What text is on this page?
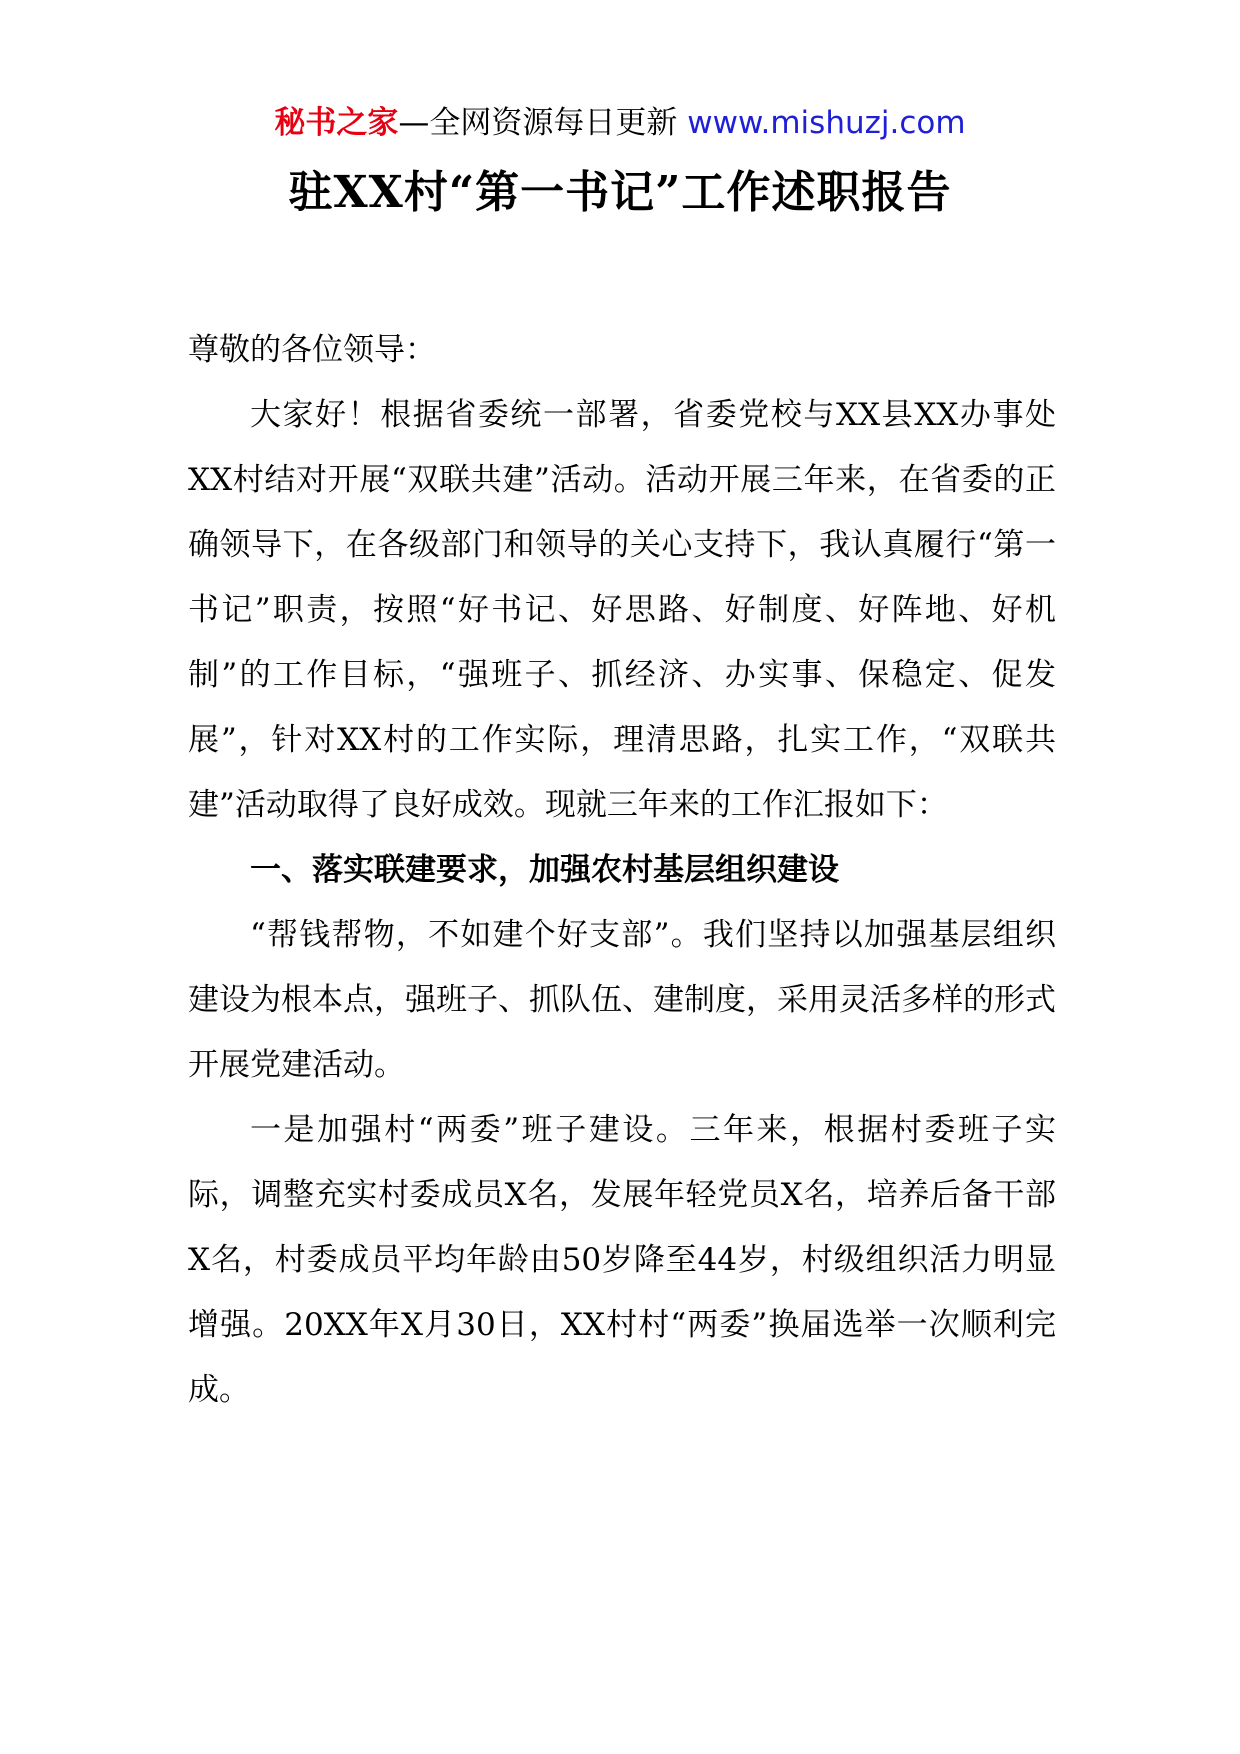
秘书之家—全网资源每日更新 www.mishuzj.com
驻XX村“第一书记”工作述职报告

尊敬的各位领导：

大家好！根据省委统一部署，省委党校与XX县XX办事处XX村结对开展“双联共建”活动。活动开展三年来，在省委的正确领导下，在各级部门和领导的关心支持下，我认真履行“第一书记”职责，按照“好书记、好思路、好制度、好阵地、好机制”的工作目标，“强班子、抓经济、办实事、保稳定、促发展”，针对XX村的工作实际，理清思路，扎实工作，“双联共建”活动取得了良好成效。现就三年来的工作汇报如下：

一、落实联建要求，加强农村基层组织建设

“帮钱帮物，不如建个好支部”。我们坚持以加强基层组织建设为根本点，强班子、抓队伍、建制度，采用灵活多样的形式开展党建活动。

一是加强村“两委”班子建设。三年来，根据村委班子实际，调整充实村委成员X名，发展年轻党员X名，培养后备干部X名，村委成员平均年龄由50岁降至44岁，村级组织活力明显增强。20XX年X月30日，XX村村“两委”换届选举一次顺利完成。
